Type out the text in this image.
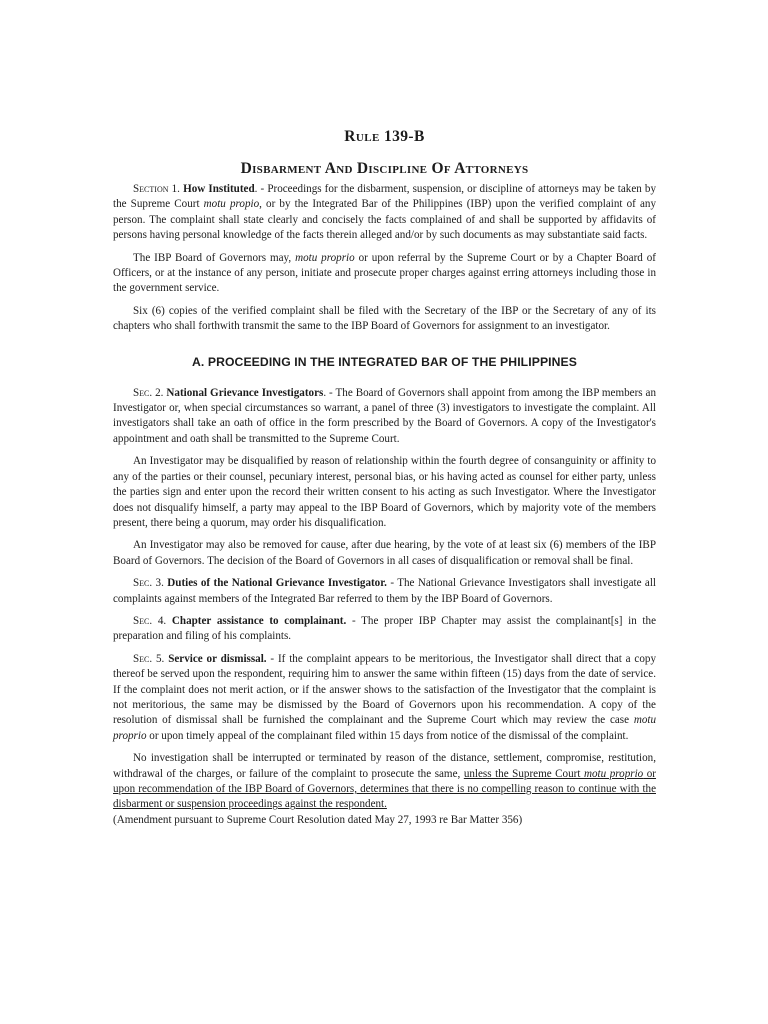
Rule 139-B
Disbarment And Discipline Of Attorneys

Section 1. How Instituted. - Proceedings for the disbarment, suspension, or discipline of attorneys may be taken by the Supreme Court motu propio, or by the Integrated Bar of the Philippines (IBP) upon the verified complaint of any person. The complaint shall state clearly and concisely the facts complained of and shall be supported by affidavits of persons having personal knowledge of the facts therein alleged and/or by such documents as may substantiate said facts.

The IBP Board of Governors may, motu proprio or upon referral by the Supreme Court or by a Chapter Board of Officers, or at the instance of any person, initiate and prosecute proper charges against erring attorneys including those in the government service.

Six (6) copies of the verified complaint shall be filed with the Secretary of the IBP or the Secretary of any of its chapters who shall forthwith transmit the same to the IBP Board of Governors for assignment to an investigator.

A. PROCEEDING IN THE INTEGRATED BAR OF THE PHILIPPINES

Sec. 2. National Grievance Investigators. - The Board of Governors shall appoint from among the IBP members an Investigator or, when special circumstances so warrant, a panel of three (3) investigators to investigate the complaint. All investigators shall take an oath of office in the form prescribed by the Board of Governors. A copy of the Investigator's appointment and oath shall be transmitted to the Supreme Court.

An Investigator may be disqualified by reason of relationship within the fourth degree of consanguinity or affinity to any of the parties or their counsel, pecuniary interest, personal bias, or his having acted as counsel for either party, unless the parties sign and enter upon the record their written consent to his acting as such Investigator. Where the Investigator does not disqualify himself, a party may appeal to the IBP Board of Governors, which by majority vote of the members present, there being a quorum, may order his disqualification.

An Investigator may also be removed for cause, after due hearing, by the vote of at least six (6) members of the IBP Board of Governors. The decision of the Board of Governors in all cases of disqualification or removal shall be final.

Sec. 3. Duties of the National Grievance Investigator. - The National Grievance Investigators shall investigate all complaints against members of the Integrated Bar referred to them by the IBP Board of Governors.

Sec. 4. Chapter assistance to complainant. - The proper IBP Chapter may assist the complainant[s] in the preparation and filing of his complaints.

Sec. 5. Service or dismissal. - If the complaint appears to be meritorious, the Investigator shall direct that a copy thereof be served upon the respondent, requiring him to answer the same within fifteen (15) days from the date of service. If the complaint does not merit action, or if the answer shows to the satisfaction of the Investigator that the complaint is not meritorious, the same may be dismissed by the Board of Governors upon his recommendation. A copy of the resolution of dismissal shall be furnished the complainant and the Supreme Court which may review the case motu proprio or upon timely appeal of the complainant filed within 15 days from notice of the dismissal of the complaint.

No investigation shall be interrupted or terminated by reason of the distance, settlement, compromise, restitution, withdrawal of the charges, or failure of the complaint to prosecute the same, unless the Supreme Court motu proprio or upon recommendation of the IBP Board of Governors, determines that there is no compelling reason to continue with the disbarment or suspension proceedings against the respondent.
(Amendment pursuant to Supreme Court Resolution dated May 27, 1993 re Bar Matter 356)
